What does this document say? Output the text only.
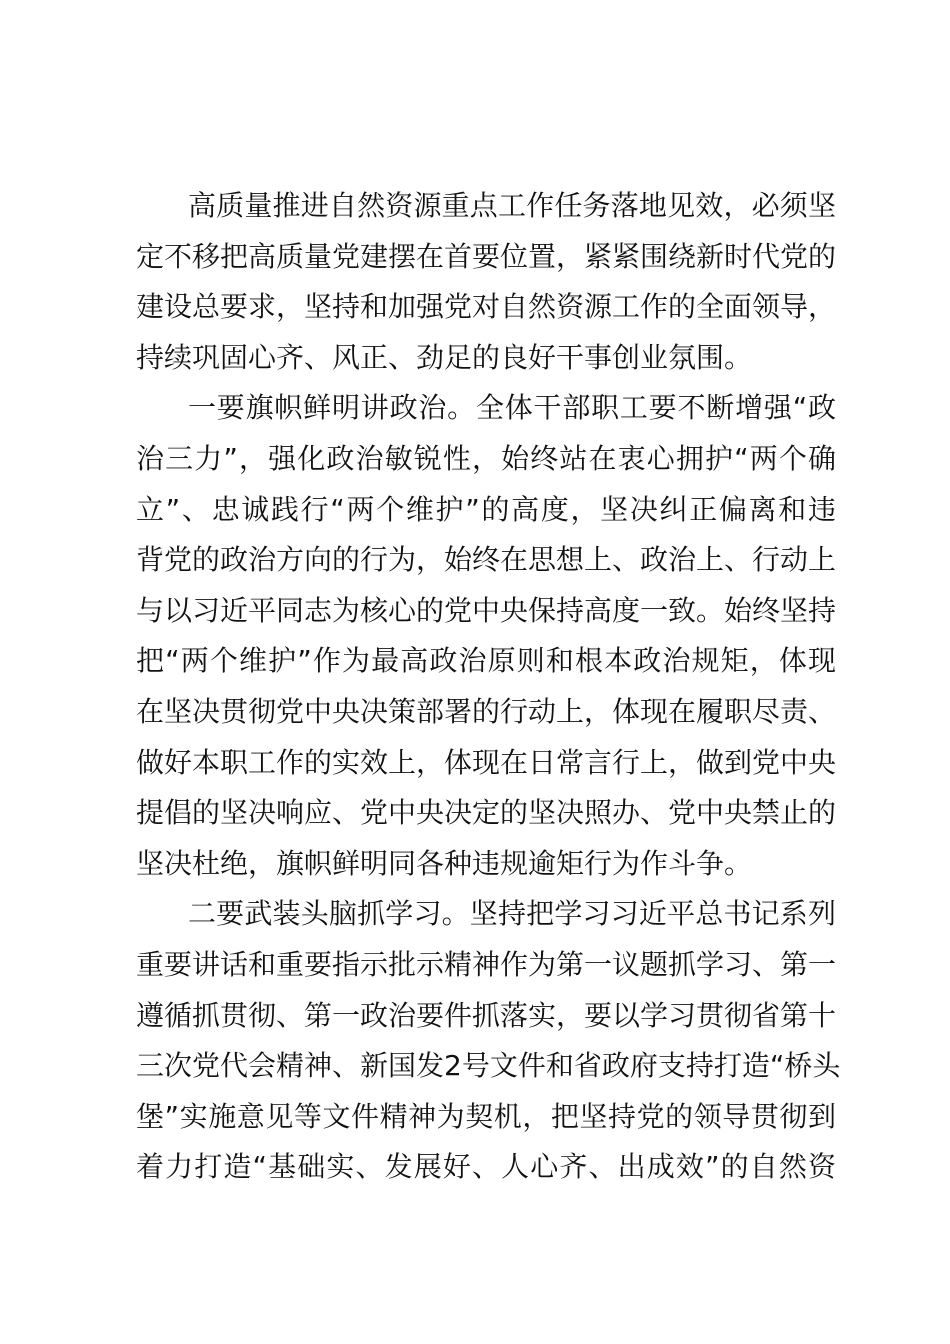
高质量推进自然资源重点工作任务落地见效，必须坚
定不移把高质量党建摆在首要位置，紧紧围绕新时代党的
建设总要求，坚持和加强党对自然资源工作的全面领导，
持续巩固心齐、风正、劲足的良好干事创业氛围。
一要旗帜鲜明讲政治。全体干部职工要不断增强“政
治三力”，强化政治敏锐性，始终站在衷心拥护“两个确
立”、忠诚践行“两个维护”的高度，坚决纠正偏离和违
背党的政治方向的行为，始终在思想上、政治上、行动上
与以习近平同志为核心的党中央保持高度一致。始终坚持
把“两个维护”作为最高政治原则和根本政治规矩，体现
在坚决贯彻党中央决策部署的行动上，体现在履职尽责、
做好本职工作的实效上，体现在日常言行上，做到党中央
提倡的坚决响应、党中央决定的坚决照办、党中央禁止的
坚决杜绝，旗帜鲜明同各种违规逾矩行为作斗争。
二要武装头脑抓学习。坚持把学习习近平总书记系列
重要讲话和重要指示批示精神作为第一议题抓学习、第一
遵循抓贯彻、第一政治要件抓落实，要以学习贯彻省第十
三次党代会精神、新国发2号文件和省政府支持打造“桥头
堡”实施意见等文件精神为契机，把坚持党的领导贯彻到
着力打造“基础实、发展好、人心齐、出成效”的自然资
